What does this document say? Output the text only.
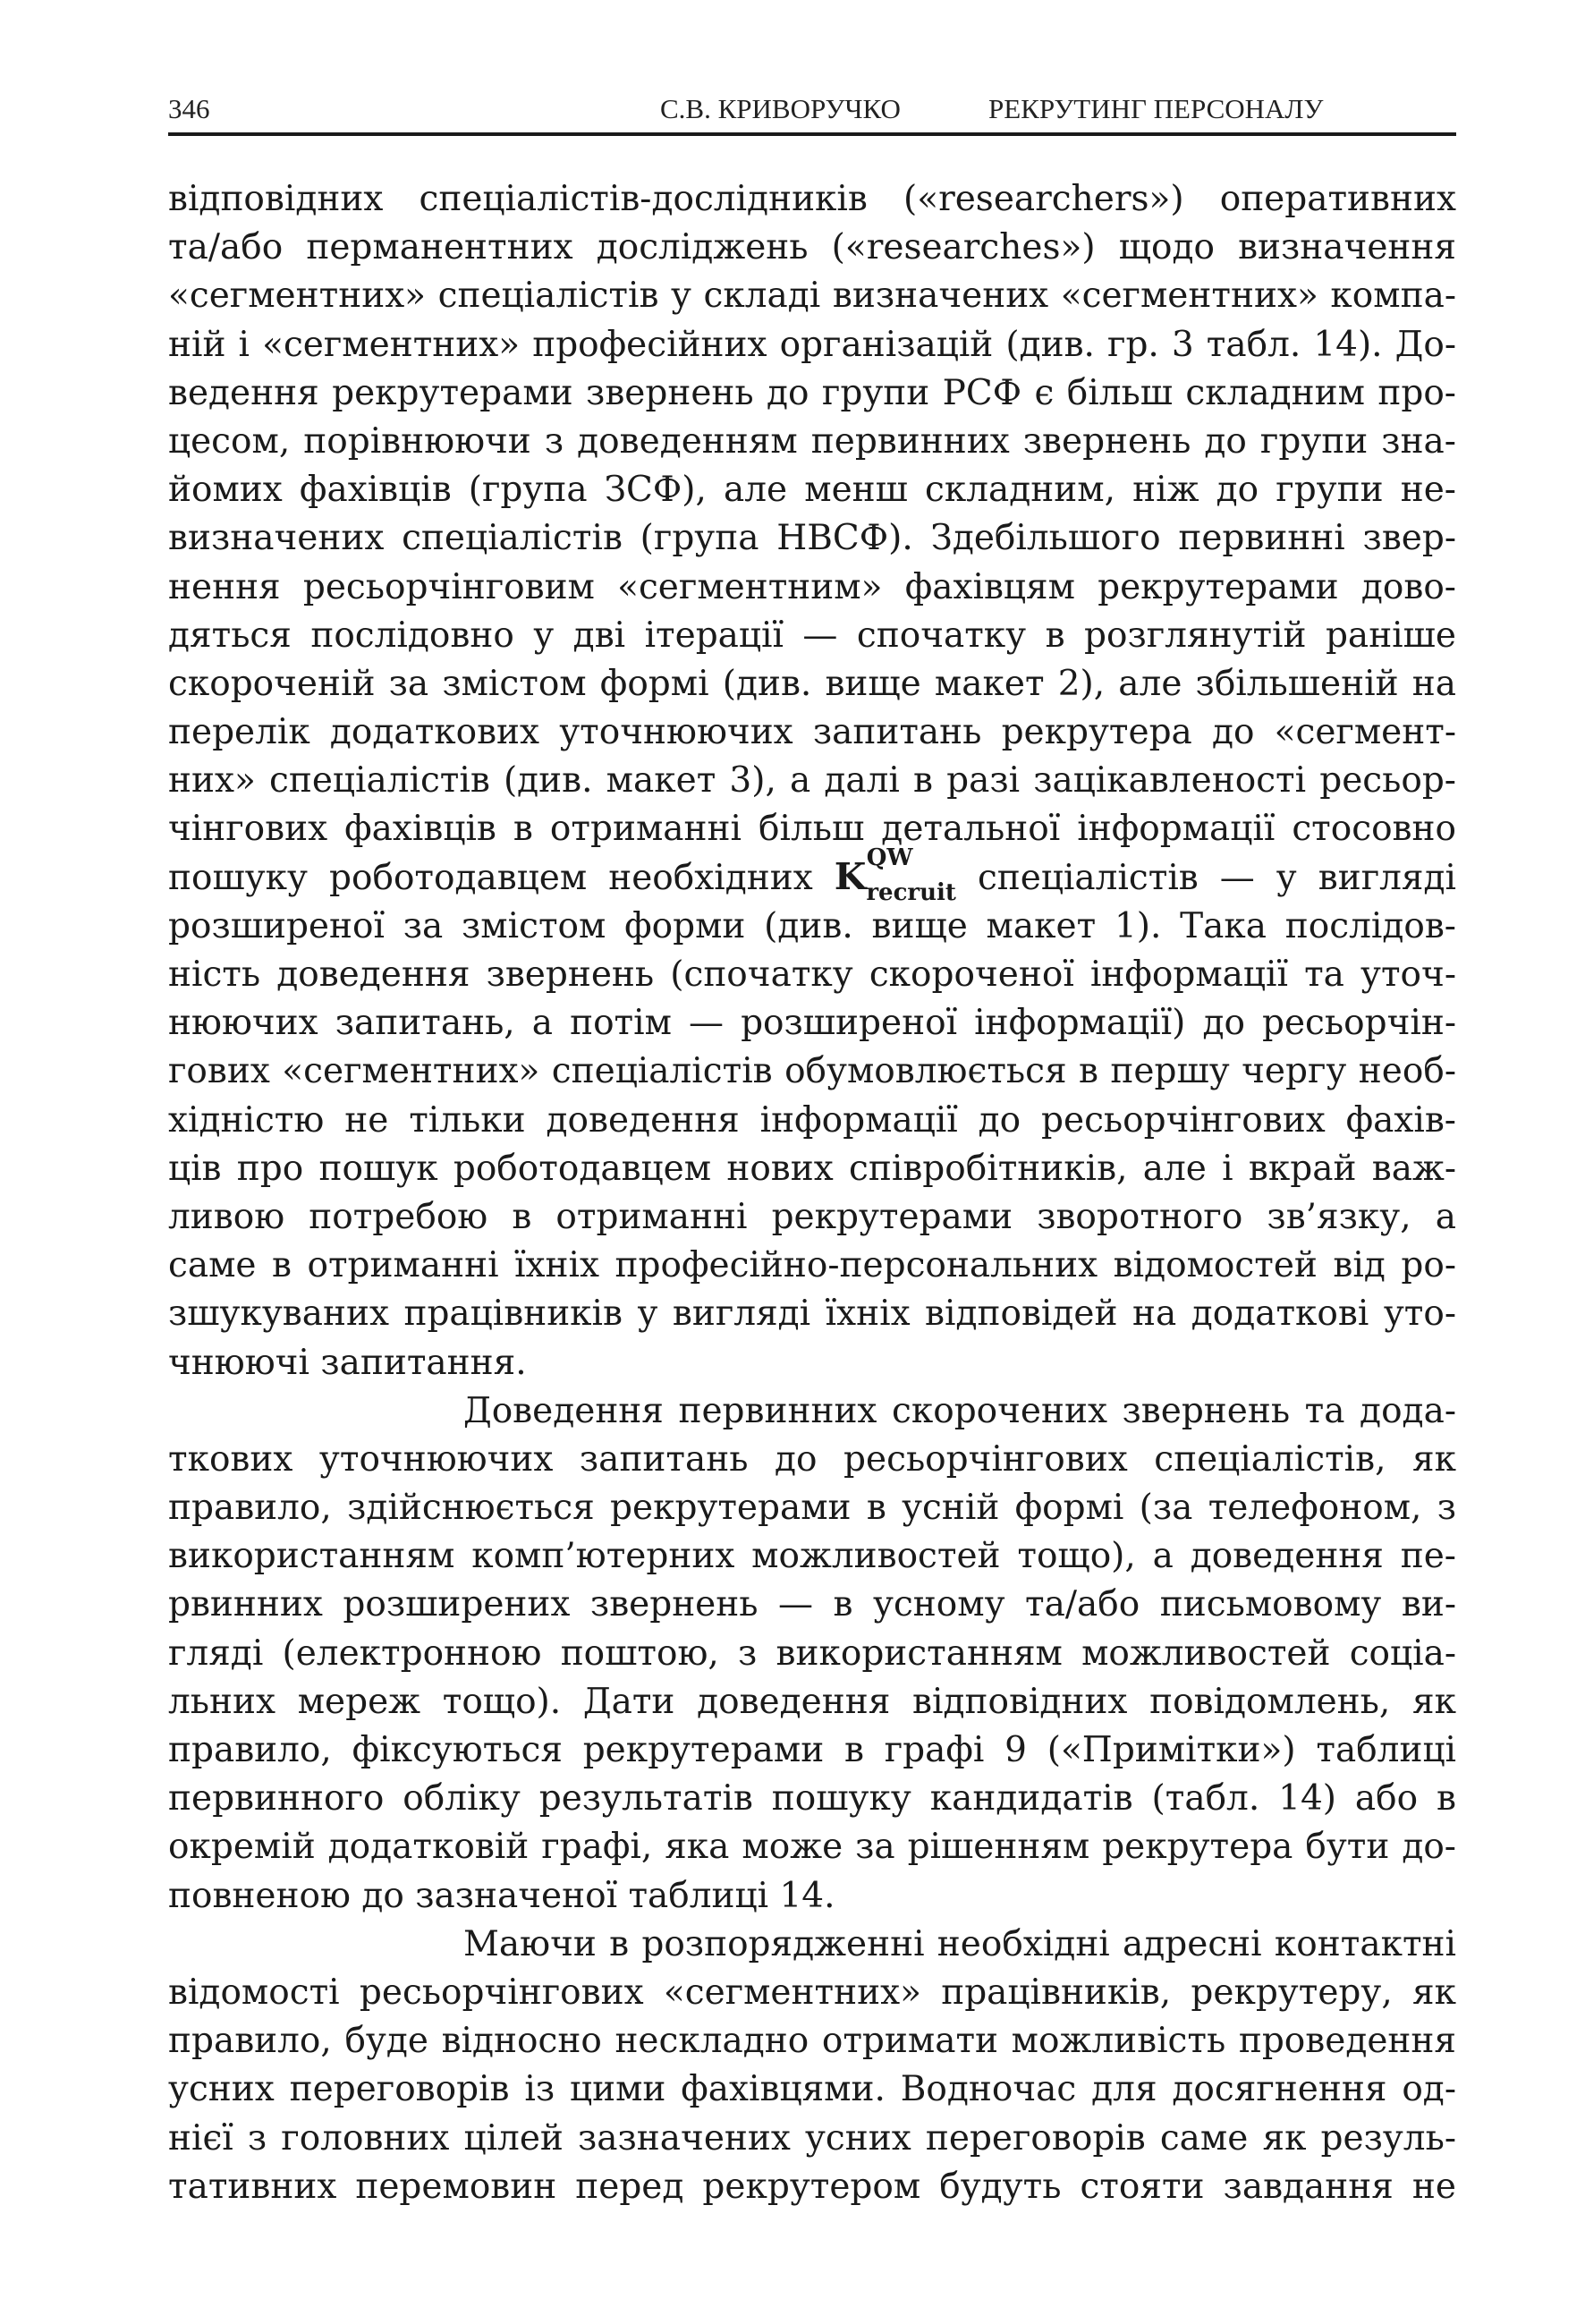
346	С.В. КРИВОРУЧКО	РЕКРУТИНГ ПЕРСОНАЛУ
відповідних спеціалістів-дослідників («researchers») оперативних
та/або перманентних досліджень («researches») щодо визначення
«сегментних» спеціалістів у складі визначених «сегментних» компа-
ній і «сегментних» професійних організацій (див. гр. 3 табл. 14). До-
ведення рекрутерами звернень до групи РСФ є більш складним про-
цесом, порівнюючи з доведенням первинних звернень до групи зна-
йомих фахівців (група ЗСФ), але менш складним, ніж до групи не-
визначених спеціалістів (група НВСФ). Здебільшого первинні звер-
нення ресьорчінговим «сегментним» фахівцям рекрутерами дово-
дяться послідовно у дві ітерації — спочатку в розглянутій раніше
скороченій за змістом формі (див. вище макет 2), але збільшеній на
перелік додаткових уточнюючих запитань рекрутера до «сегмент-
них» спеціалістів (див. макет 3), а далі в разі зацікавленості ресьор-
чінгових фахівців в отриманні більш детальної інформації стосовно
пошуку роботодавцем необхідних K QW
recruit спеціалістів — у вигляді
розширеної за змістом форми (див. вище макет 1). Така послідов-
ність доведення звернень (спочатку скороченої інформації та уточ-
нюючих запитань, а потім — розширеної інформації) до ресьорчін-
гових «сегментних» спеціалістів обумовлюється в першу чергу необ-
хідністю не тільки доведення інформації до ресьорчінгових фахів-
ців про пошук роботодавцем нових співробітників, але і вкрай важ-
ливою потребою в отриманні рекрутерами зворотного зв’язку, а
саме в отриманні їхніх професійно-персональних відомостей від ро-
зшукуваних працівників у вигляді їхніх відповідей на додаткові уто-
чнюючі запитання.
Доведення первинних скорочених звернень та дода-
ткових уточнюючих запитань до ресьорчінгових спеціалістів, як
правило, здійснюється рекрутерами в усній формі (за телефоном, з
використанням комп’ютерних можливостей тощо), а доведення пе-
рвинних розширених звернень — в усному та/або письмовому ви-
гляді (електронною поштою, з використанням можливостей соціа-
льних мереж тощо). Дати доведення відповідних повідомлень, як
правило, фіксуються рекрутерами в графі 9 («Примітки») таблиці
первинного обліку результатів пошуку кандидатів (табл. 14) або в
окремій додатковій графі, яка може за рішенням рекрутера бути до-
повненою до зазначеної таблиці 14.
Маючи в розпорядженні необхідні адресні контактні
відомості ресьорчінгових «сегментних» працівників, рекрутеру, як
правило, буде відносно нескладно отримати можливість проведення
усних переговорів із цими фахівцями. Водночас для досягнення од-
нієї з головних цілей зазначених усних переговорів саме як резуль-
тативних перемовин перед рекрутером будуть стояти завдання не
